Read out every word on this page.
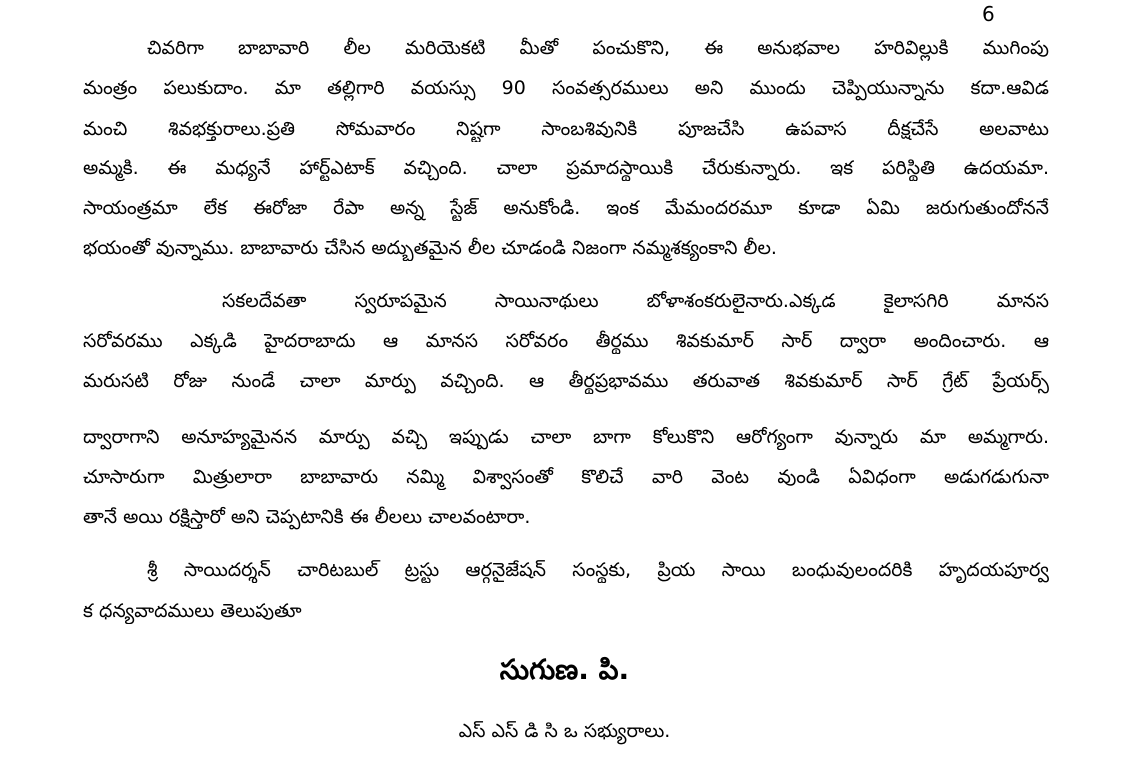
6
చివరిగా బాబావారి లీల మరియెకటి మీతో పంచుకొని, ఈ అనుభవాల హరివిల్లుకి ముగింపు
మంత్రం పలుకుదాం. మా తల్లిగారి వయస్సు 90 సంవత్సరములు అని ముందు చెప్పియున్నాను కదా.ఆవిడ
మంచి శివభక్తురాలు.ప్రతి సోమవారం నిష్టగా సాంబశివునికి పూజచేసి ఉపవాస దీక్షచేసే అలవాటు
అమ్మకి. ఈ మధ్యనే హార్ట్ఎటాక్ వచ్చింది. చాలా ప్రమాదస్థాయికి చేరుకున్నారు. ఇక పరిస్థితి ఉదయమా.
సాయంత్రమా లేక ఈరోజా రేపా అన్న స్టేజ్ అనుకోండి. ఇంక మేమందరమూ కూడా ఏమి జరుగుతుందోననే
భయంతో వున్నాము. బాబావారు చేసిన అద్భుతమైన లీల చూడండి నిజంగా నమ్మశక్యంకాని లీల.
సకలదేవతా స్వరూపమైన సాయినాథులు బోళాశంకరులైనారు.ఎక్కడ కైలాసగిరి మానస
సరోవరము ఎక్కడి హైదరాబాదు ఆ మానస సరోవరం తీర్థము శివకుమార్ సార్ ద్వారా అందించారు. ఆ
మరుసటి రోజు నుండే చాలా మార్పు వచ్చింది. ఆ తీర్థప్రభావము తరువాత శివకుమార్ సార్ గ్రేట్ ప్రేయర్స్
ద్వారాగాని అనూహ్యమైనన మార్పు వచ్చి ఇప్పుడు చాలా బాగా కోలుకొని ఆరోగ్యంగా వున్నారు మా అమ్మగారు.
చూసారుగా మిత్రులారా బాబావారు నమ్మి విశ్వాసంతో కొలిచే వారి వెంట వుండి ఏవిధంగా అడుగడుగునా
తానే అయి రక్షిస్తారో అని చెప్పటానికి ఈ లీలలు చాలవంటారా.
శ్రీ సాయిదర్శన్ చారిటబుల్ ట్రస్టు ఆర్గనైజేషన్ సంస్థకు, ప్రియ సాయి బంధువులందరికి హృదయపూర్వ
క ధన్యవాదములు తెలుపుతూ
సుగుణ. పి.
ఎస్ ఎస్ డి సి ఒ సభ్యురాలు.
